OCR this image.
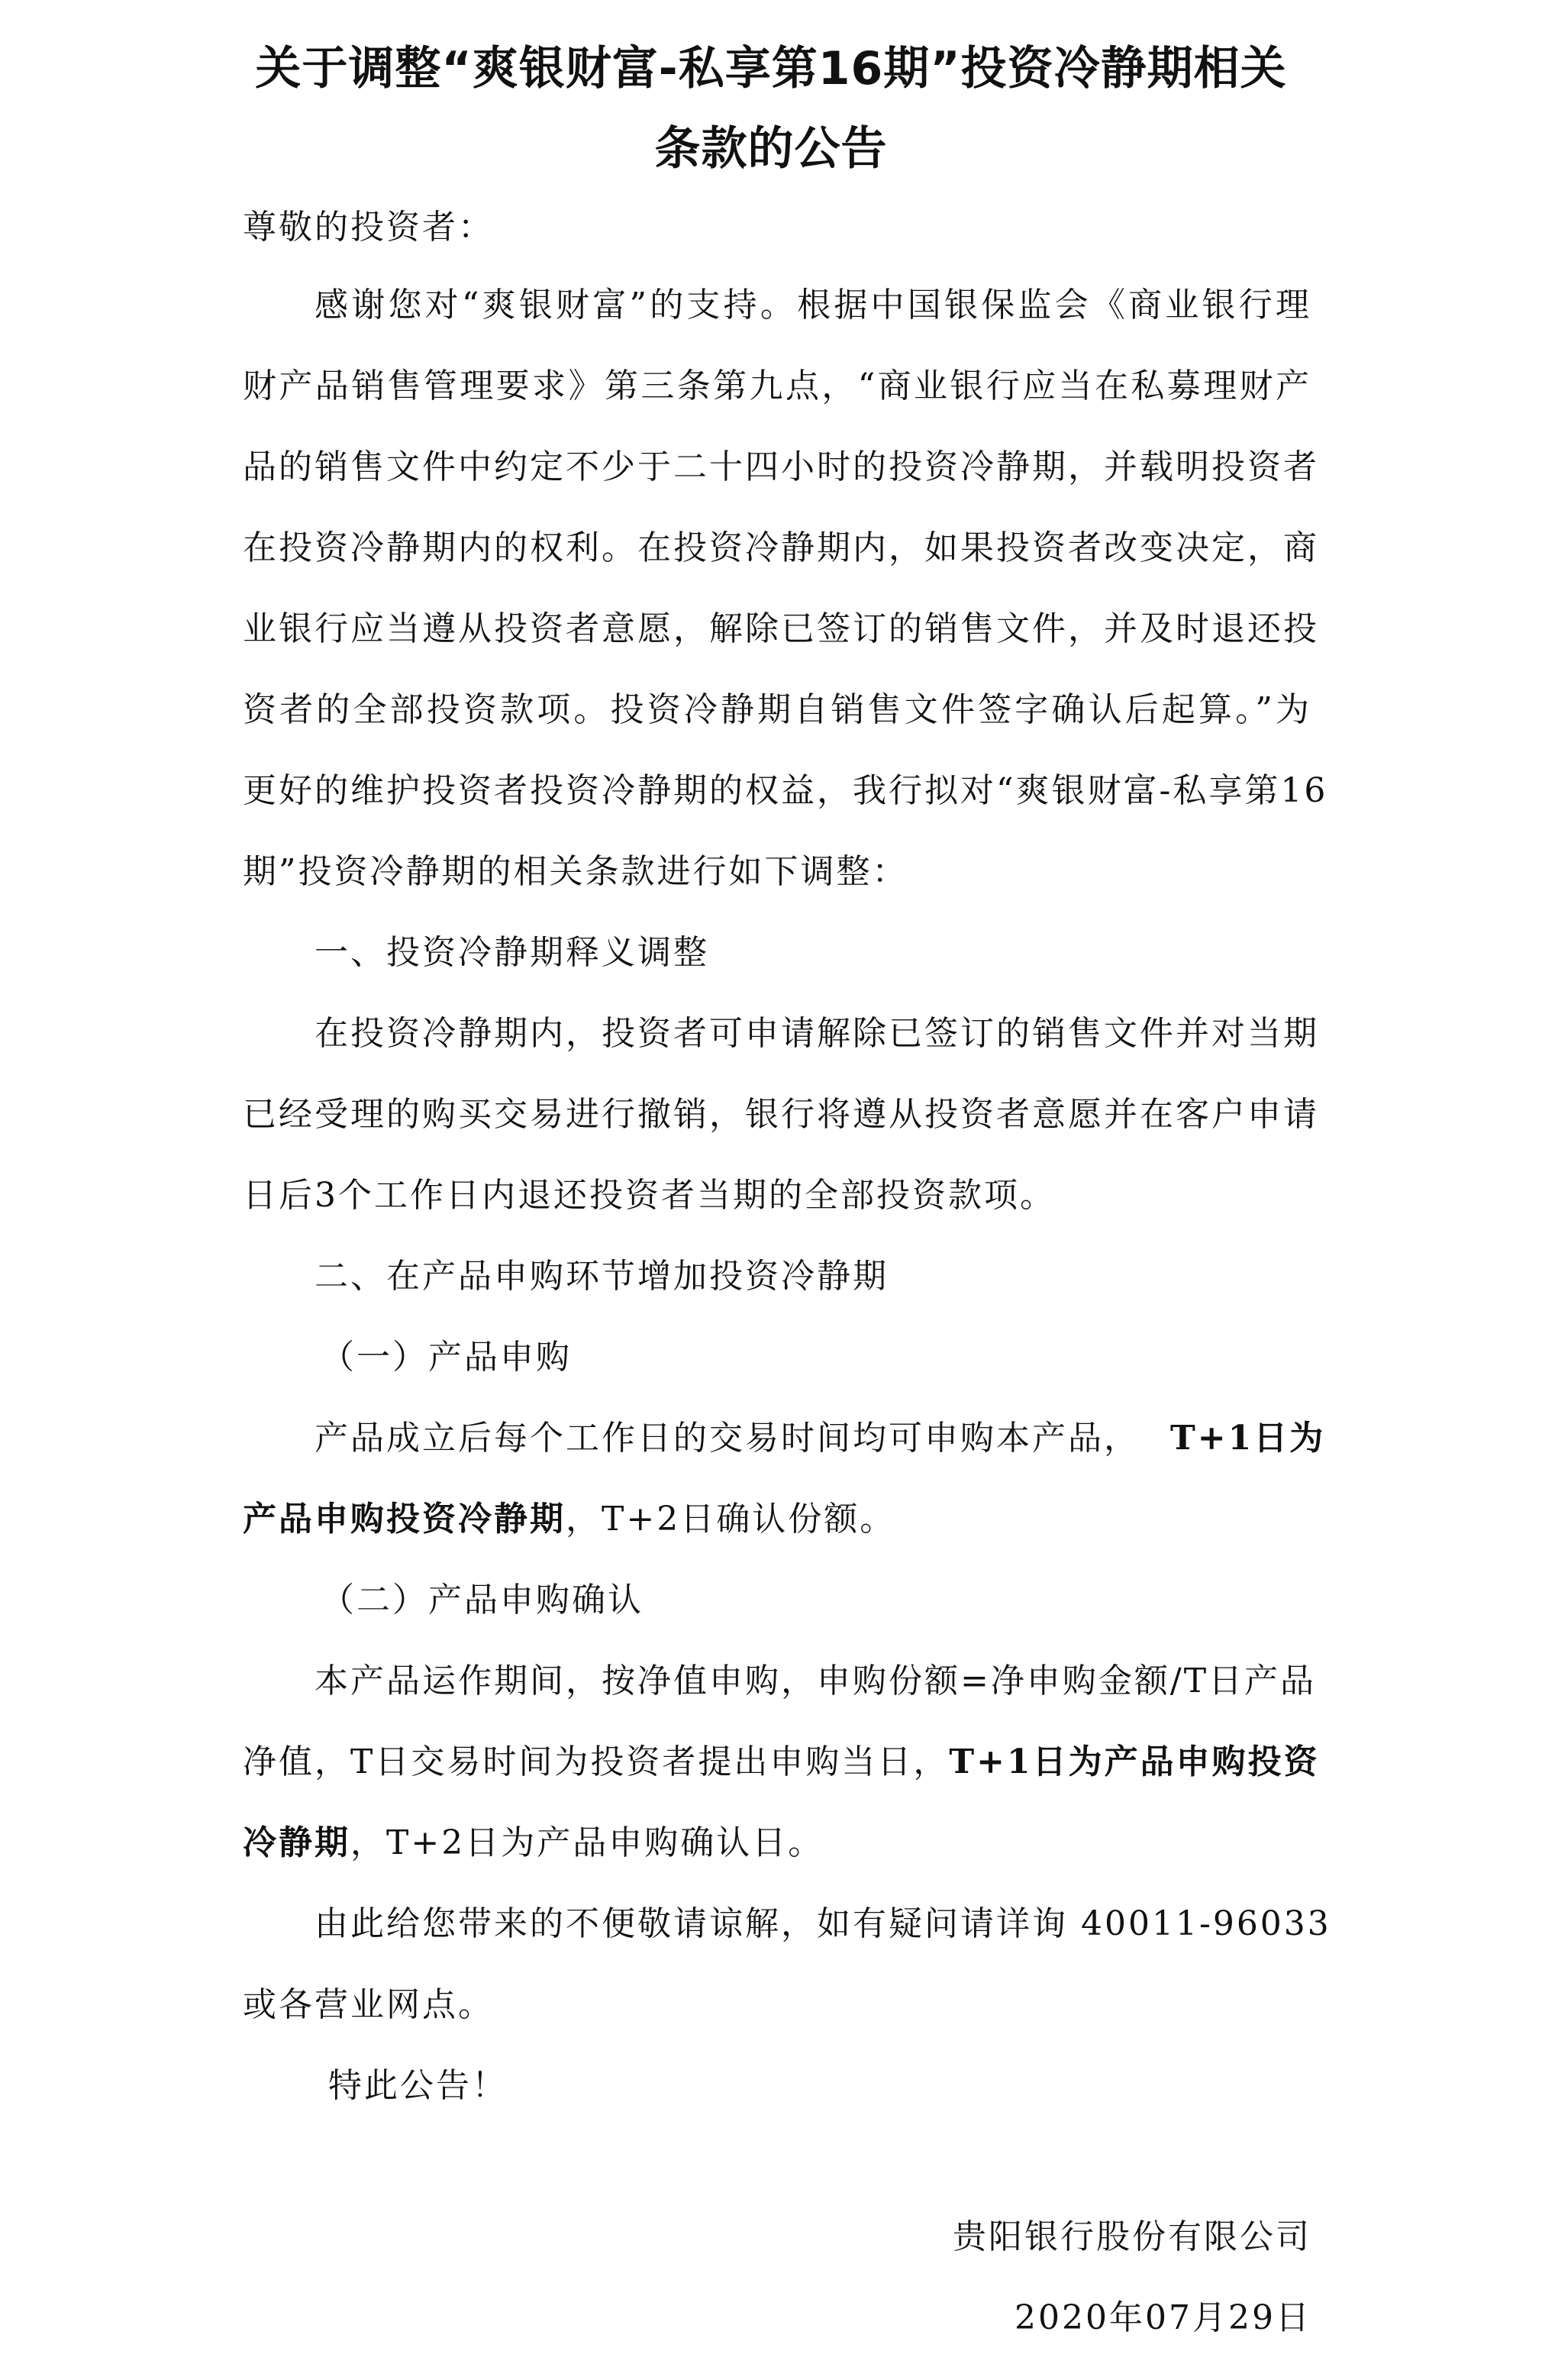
关于调整“爽银财富-私享第16期”投资冷静期相关
条款的公告
尊敬的投资者：
感谢您对“爽银财富”的支持。根据中国银保监会《商业银行理
财产品销售管理要求》第三条第九点，“商业银行应当在私募理财产
品的销售文件中约定不少于二十四小时的投资冷静期，并载明投资者
在投资冷静期内的权利。在投资冷静期内，如果投资者改变决定，商
业银行应当遵从投资者意愿，解除已签订的销售文件，并及时退还投
资者的全部投资款项。投资冷静期自销售文件签字确认后起算。”为
更好的维护投资者投资冷静期的权益，我行拟对“爽银财富-私享第16
期”投资冷静期的相关条款进行如下调整：
一、投资冷静期释义调整
在投资冷静期内，投资者可申请解除已签订的销售文件并对当期
已经受理的购买交易进行撤销，银行将遵从投资者意愿并在客户申请
日后3个工作日内退还投资者当期的全部投资款项。
二、在产品申购环节增加投资冷静期
（一）产品申购
产品成立后每个工作日的交易时间均可申购本产品， T+1日为
产品申购投资冷静期，T+2日确认份额。
（二）产品申购确认
本产品运作期间，按净值申购，申购份额=净申购金额/T日产品
净值，T日交易时间为投资者提出申购当日，T+1日为产品申购投资
冷静期，T+2日为产品申购确认日。
由此给您带来的不便敬请谅解，如有疑问请详询 40011-96033
或各营业网点。
特此公告！
贵阳银行股份有限公司
2020年07月29日
